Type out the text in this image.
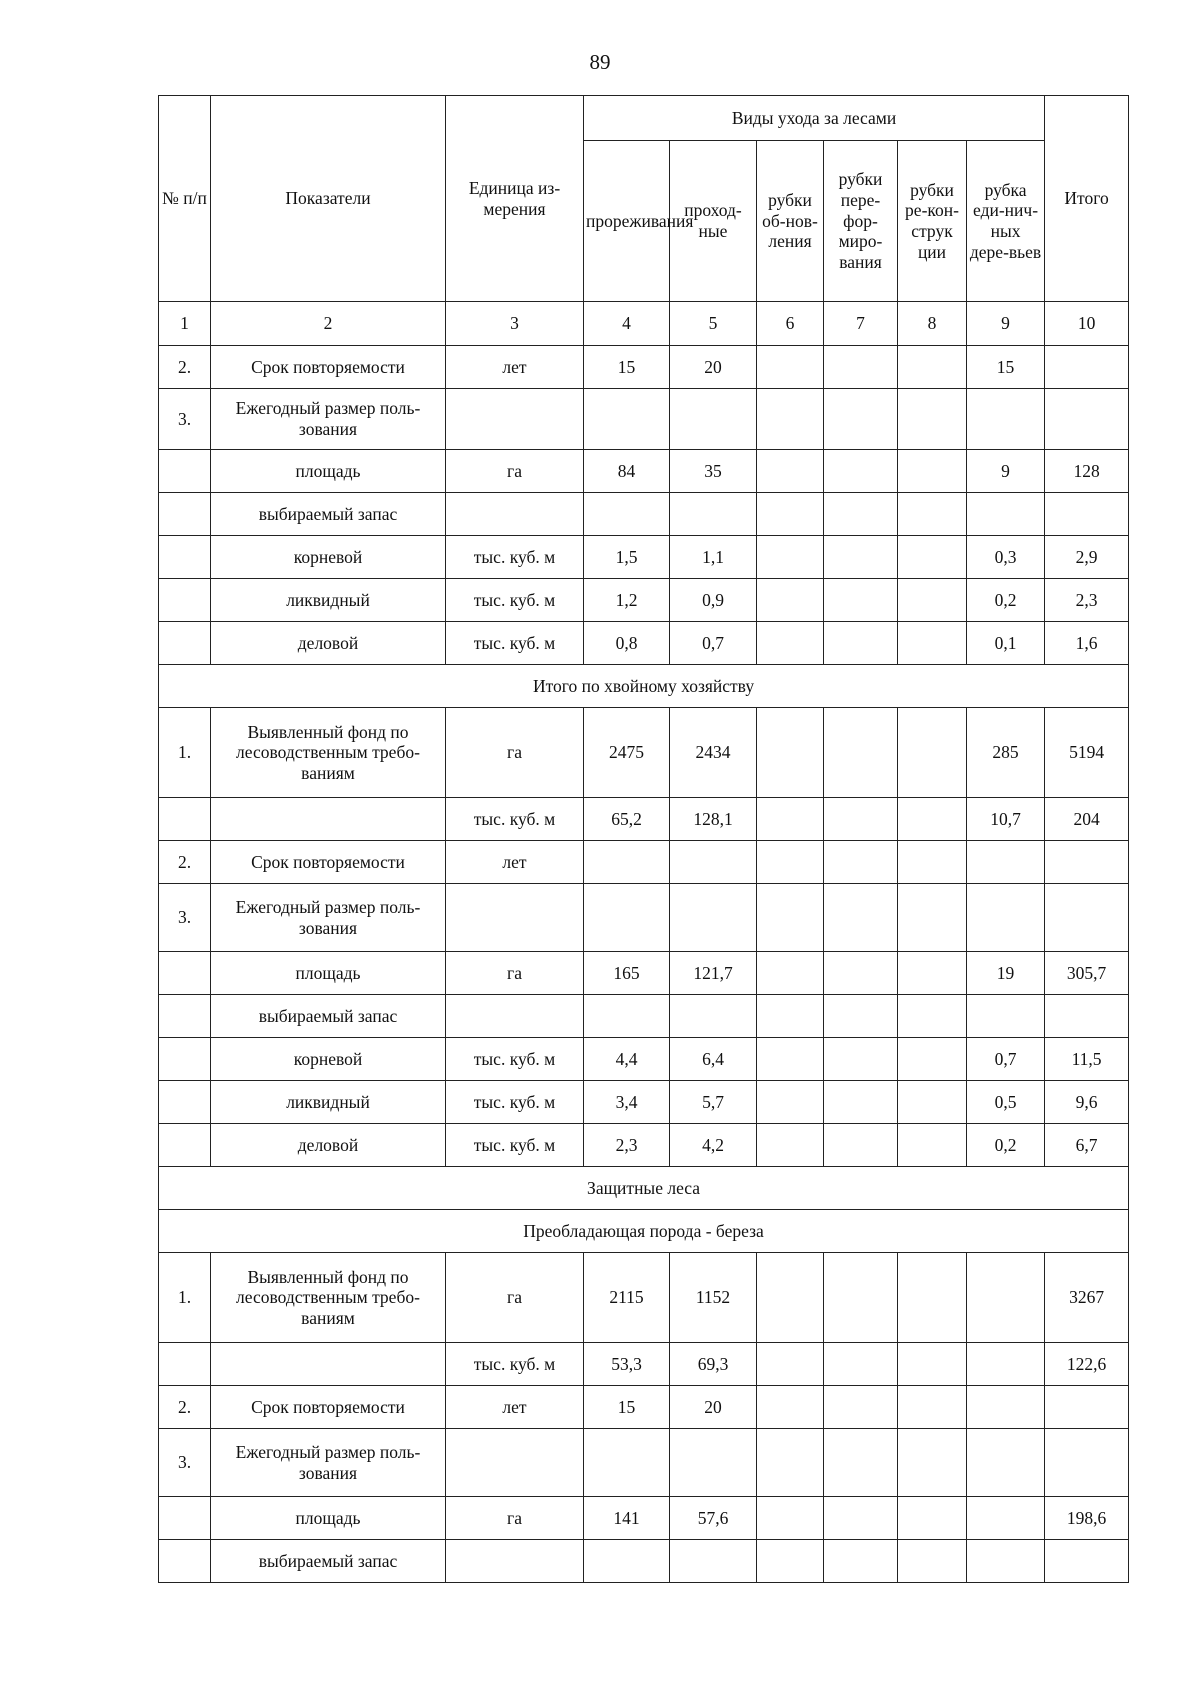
89
№ п/п	Показатели	Единица из-мерения	Виды ухода за лесами						Итого
			прореживания	проход-ные	рубки об-нов-ления	рубки пере-фор-миро-вания	рубки ре-кон-струк ции	рубка еди-нич-ных дере-вьев	
1	2	3	4	5	6	7	8	9	10
2.	Срок повторяемости	лет	15	20				15	
3.	Ежегодный размер поль-зования								
	площадь	га	84	35				9	128
	выбираемый запас								
	корневой	тыс. куб. м	1,5	1,1				0,3	2,9
	ликвидный	тыс. куб. м	1,2	0,9				0,2	2,3
	деловой	тыс. куб. м	0,8	0,7				0,1	1,6
Итого по хвойному хозяйству									
1.	Выявленный фонд по лесоводственным требо-ваниям	га	2475	2434				285	5194
		тыс. куб. м	65,2	128,1				10,7	204
2.	Срок повторяемости	лет							
3.	Ежегодный размер поль-зования								
	площадь	га	165	121,7				19	305,7
	выбираемый запас								
	корневой	тыс. куб. м	4,4	6,4				0,7	11,5
	ликвидный	тыс. куб. м	3,4	5,7				0,5	9,6
	деловой	тыс. куб. м	2,3	4,2				0,2	6,7
Защитные леса									
Преобладающая порода - береза									
1.	Выявленный фонд по лесоводственным требо-ваниям	га	2115	1152					3267
		тыс. куб. м	53,3	69,3					122,6
2.	Срок повторяемости	лет	15	20					
3.	Ежегодный размер поль-зования								
	площадь	га	141	57,6					198,6
	выбираемый запас								
